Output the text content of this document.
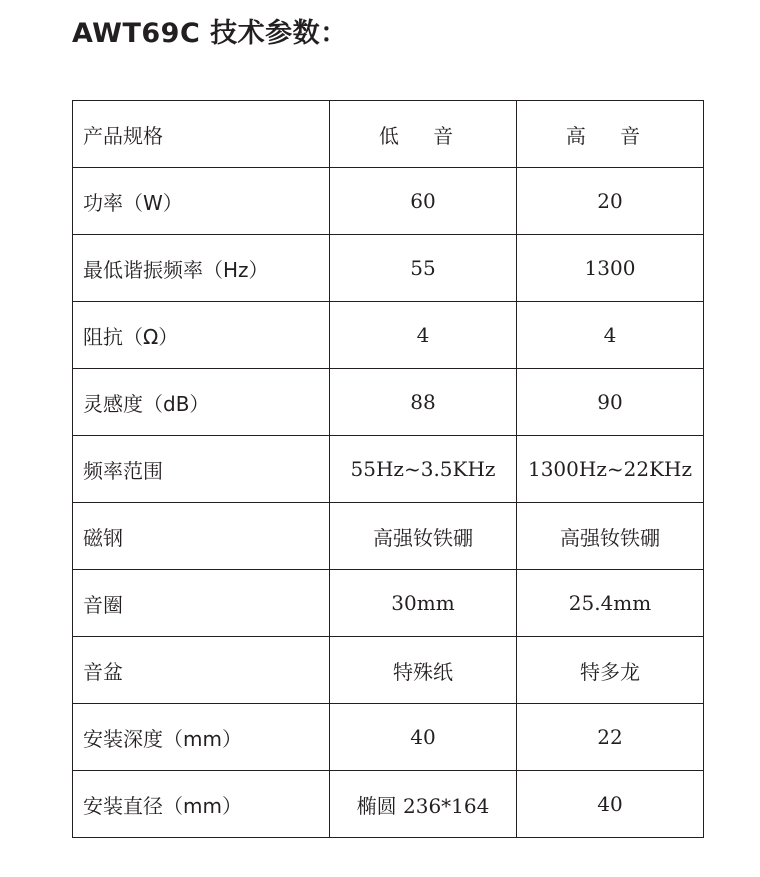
AWT69C 技术参数：
产品规格	低 音	高 音
功率（W）	60	20
最低谐振频率（Hz）	55	1300
阻抗（Ω）	4	4
灵感度（dB）	88	90
频率范围	55Hz~3.5KHz	1300Hz~22KHz
磁钢	高强钕铁硼	高强钕铁硼
音圈	30mm	25.4mm
音盆	特殊纸	特多龙
安装深度（mm）	40	22
安装直径（mm）	椭圆 236*164	40
